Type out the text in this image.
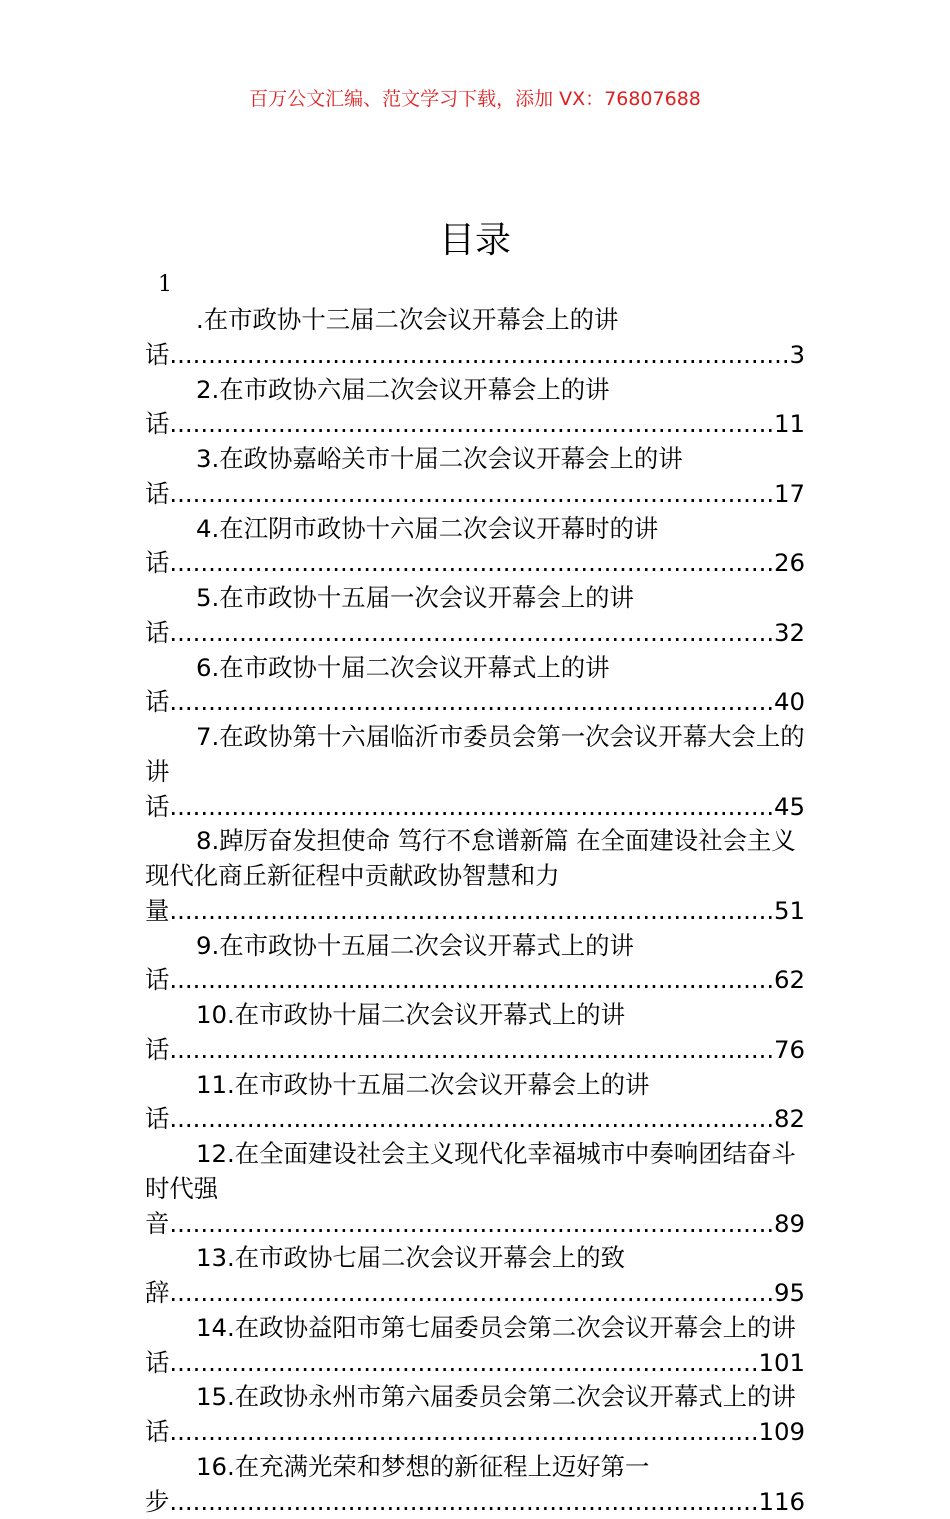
百万公文汇编、范文学习下载，添加 VX：76807688
目录
1
.在市政协十三届二次会议开幕会上的讲话 .....	3
2.在市政协六届二次会议开幕会上的讲话 .....	11
3.在政协嘉峪关市十届二次会议开幕会上的讲话 .....	17
4.在江阴市政协十六届二次会议开幕时的讲话 .....	26
5.在市政协十五届一次会议开幕会上的讲话 .....	32
6.在市政协十届二次会议开幕式上的讲话 .....	40
7.在政协第十六届临沂市委员会第一次会议开幕大会上的讲话 .....	45
8.踔厉奋发担使命 笃行不怠谱新篇 在全面建设社会主义现代化商丘新征程中贡献政协智慧和力量 .....	51
9.在市政协十五届二次会议开幕式上的讲话 .....	62
10.在市政协十届二次会议开幕式上的讲话 .....	76
11.在市政协十五届二次会议开幕会上的讲话 .....	82
12.在全面建设社会主义现代化幸福城市中奏响团结奋斗时代强音 .....	89
13.在市政协七届二次会议开幕会上的致辞 .....	95
14.在政协益阳市第七届委员会第二次会议开幕会上的讲话 .....	101
15.在政协永州市第六届委员会第二次会议开幕式上的讲话 .....	109
16.在充满光荣和梦想的新征程上迈好第一步 .....	116
